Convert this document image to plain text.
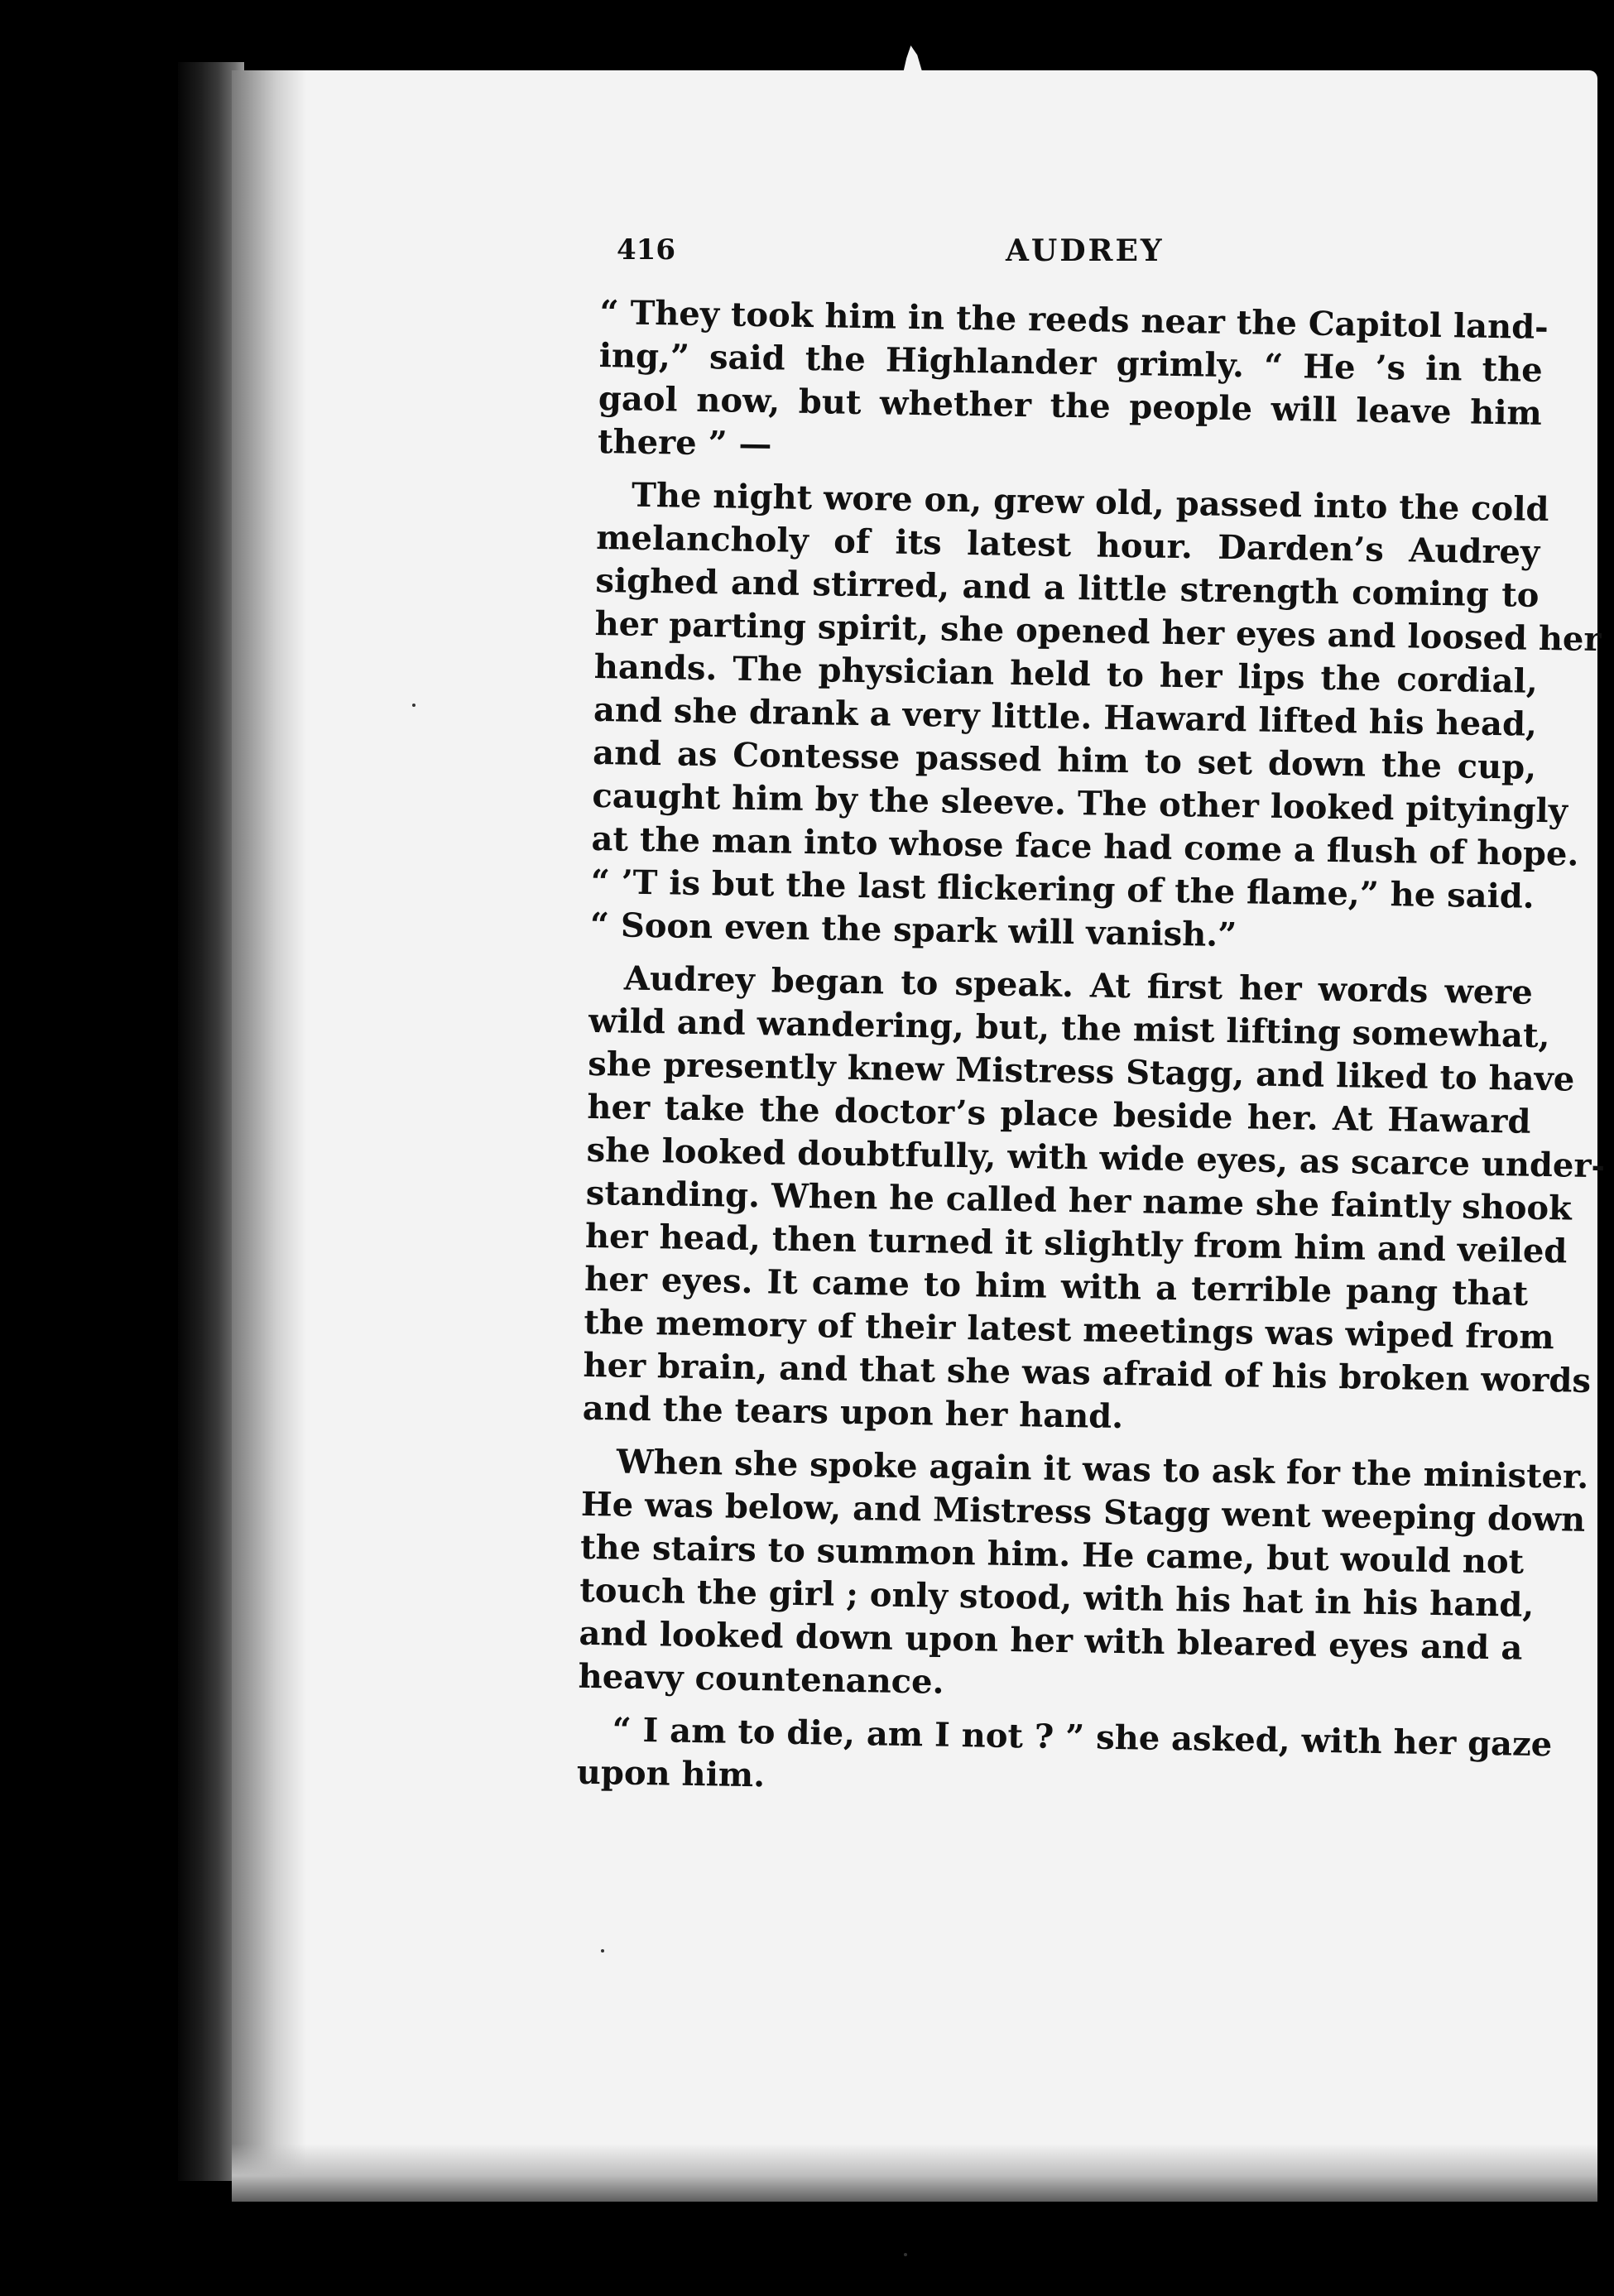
416	AUDREY
“ They took him in the reeds near the Capitol land-
ing,” said the Highlander grimly. “ He ’s in the
gaol now, but whether the people will leave him
there ” —
The night wore on, grew old, passed into the cold
melancholy of its latest hour. Darden’s Audrey
sighed and stirred, and a little strength coming to
her parting spirit, she opened her eyes and loosed her
hands. The physician held to her lips the cordial,
and she drank a very little. Haward lifted his head,
and as Contesse passed him to set down the cup,
caught him by the sleeve. The other looked pityingly
at the man into whose face had come a flush of hope.
“ ’T is but the last flickering of the flame,” he said.
“ Soon even the spark will vanish.”
Audrey began to speak. At first her words were
wild and wandering, but, the mist lifting somewhat,
she presently knew Mistress Stagg, and liked to have
her take the doctor’s place beside her. At Haward
she looked doubtfully, with wide eyes, as scarce under-
standing. When he called her name she faintly shook
her head, then turned it slightly from him and veiled
her eyes. It came to him with a terrible pang that
the memory of their latest meetings was wiped from
her brain, and that she was afraid of his broken words
and the tears upon her hand.
When she spoke again it was to ask for the minister.
He was below, and Mistress Stagg went weeping down
the stairs to summon him. He came, but would not
touch the girl ; only stood, with his hat in his hand,
and looked down upon her with bleared eyes and a
heavy countenance.
“ I am to die, am I not ? ” she asked, with her gaze
upon him.
